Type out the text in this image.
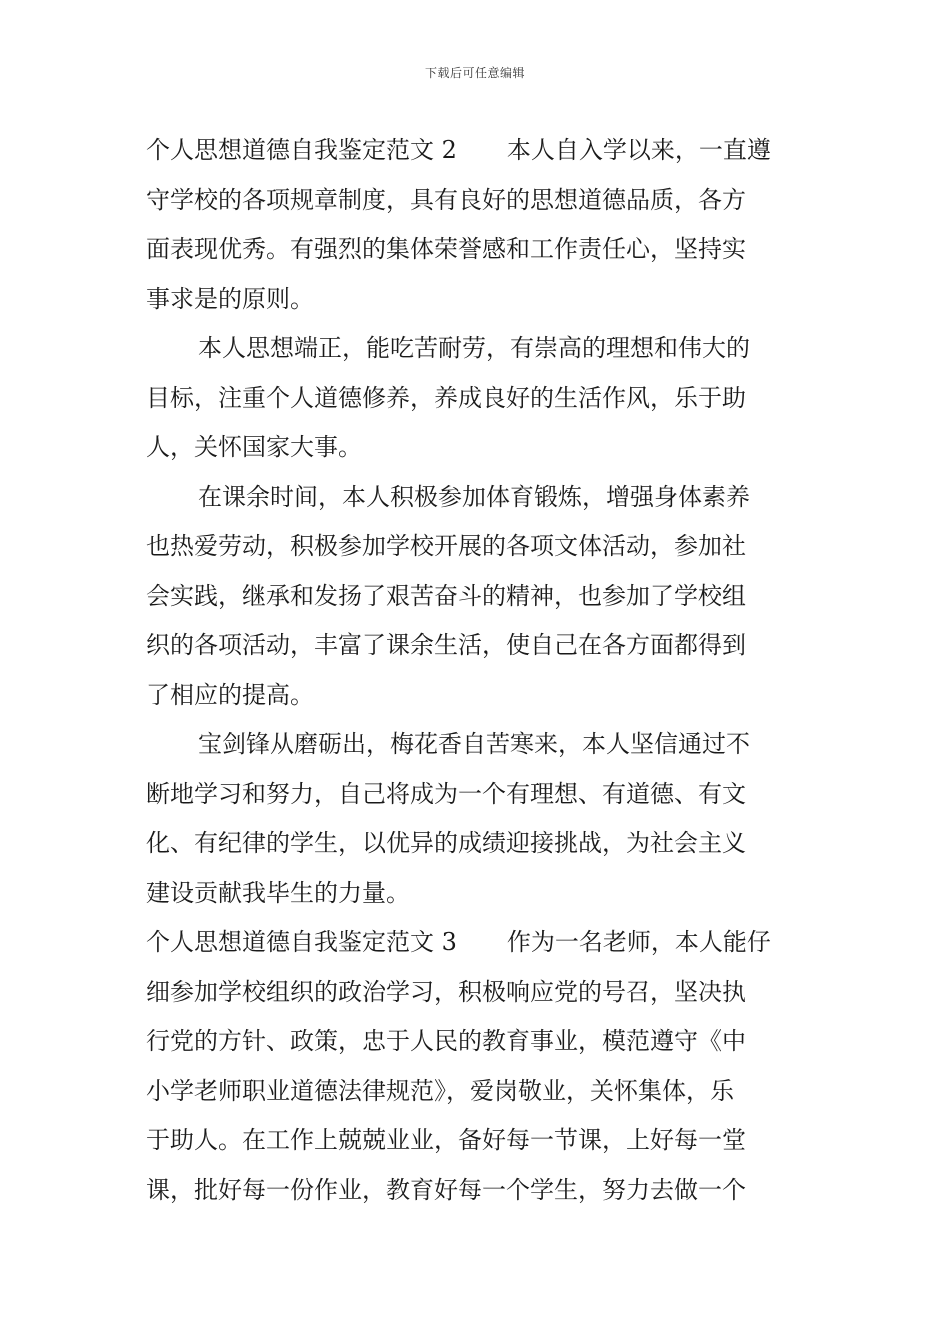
下载后可任意编辑
个人思想道德自我鉴定范文 2 本人自入学以来，一直遵
守学校的各项规章制度，具有良好的思想道德品质，各方
面表现优秀。有强烈的集体荣誉感和工作责任心，坚持实
事求是的原则。
本人思想端正，能吃苦耐劳，有崇高的理想和伟大的
目标，注重个人道德修养，养成良好的生活作风，乐于助
人，关怀国家大事。
在课余时间，本人积极参加体育锻炼，增强身体素养
也热爱劳动，积极参加学校开展的各项文体活动，参加社
会实践，继承和发扬了艰苦奋斗的精神，也参加了学校组
织的各项活动，丰富了课余生活，使自己在各方面都得到
了相应的提高。
宝剑锋从磨砺出，梅花香自苦寒来，本人坚信通过不
断地学习和努力，自己将成为一个有理想、有道德、有文
化、有纪律的学生，以优异的成绩迎接挑战，为社会主义
建设贡献我毕生的力量。
个人思想道德自我鉴定范文 3 作为一名老师，本人能仔
细参加学校组织的政治学习，积极响应党的号召，坚决执
行党的方针、政策，忠于人民的教育事业，模范遵守《中
小学老师职业道德法律规范》，爱岗敬业，关怀集体，乐
于助人。在工作上兢兢业业，备好每一节课，上好每一堂
课，批好每一份作业，教育好每一个学生，努力去做一个
